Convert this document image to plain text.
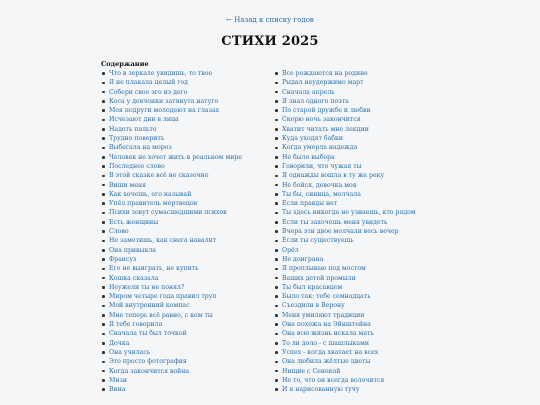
← Назад к списку годов
СТИХИ 2025
Содержание
Что в зеркале увидишь, то твое
Я не плакала целый год
Собери свое эго из дего
Коса у девчонки затянута натуго
Моя подруги молодеют на глазах
Исчезают дни в лица
Надеть пальто
Трудно поверить
Выбегала на мороз
Человек не хочет жить в реальном мире
Последнее слово
В этой сказке всё не сказочно
Виши меня
Как хочешь, его называй
Упёл правитель мертвецов
Психи зовут сумасшедшими психов
Есть женщины
Слово
Не заметишь, как снега навалит
Она привыкла
Франсуз
Его не выиграть, не купить
Кошка сказала
Неужели ты не понял?
Миром четыре года правил труп
Мой внутренний компас
Мне теперь всё равно, с кем ты
Я тебе говорила
Сначала ты был точкой
Дочка
Она училась
Это просто фотография
Когда закончится война
Мизи
Вина
Все рождаются на родине
Рыдал неудержимо март
Сначала апрель
Я знал одного поэта
По старой дружбе и любви
Скорю ночь закончится
Хватит читать мне лекции
Куда уходят бабки
Когда умерла надежда
Не было выбора
Говорили, что чужая ты
Я однажды вошла в ту же реку
Не бойся, девочка моя
Ты бы, синица, молчала
Если правды нет
Ты здесь никогда не узнаешь, кто рядом
Если ты захочешь меня увидеть
Вчера эти двое молчали весь вечер
Если ты существуешь
Орёл
Не доиграна
Я проплываю под мостом
Ваших детей промыли
Ты был красавцем
Было так: тебе семнадцать
Съездили в Верону
Меня умиляют традиции
Она похожа на Эйнштейна
Она всю жизнь искала мать
То ли доло - с шашлыками
Успех - когда хватает на всех
Она любила жёлтые цветы
Нищие с Сенекой
Не то, что он всегда волочится
И я нарисованную тучу
